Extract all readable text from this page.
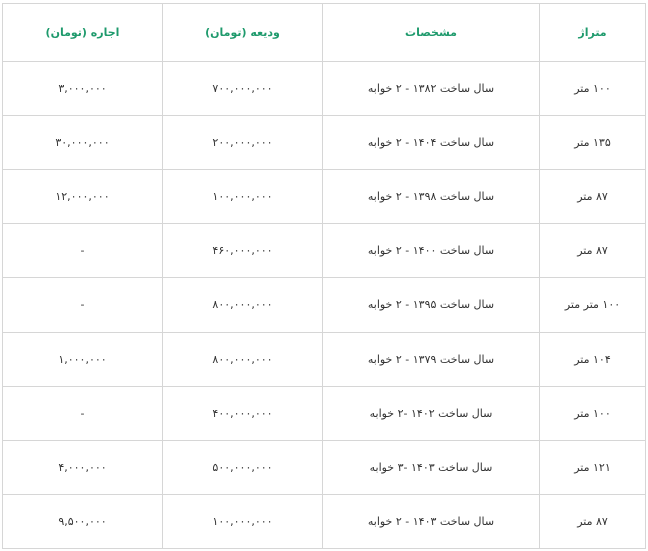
متراژ	مشخصات	ودیعه (تومان)	اجاره (تومان)
۱۰۰ متر	سال ساخت ۱۳۸۲ - ۲ خوابه	۷۰۰,۰۰۰,۰۰۰	۳,۰۰۰,۰۰۰
۱۳۵ متر	سال ساخت ۱۴۰۴ - ۲ خوابه	۲۰۰,۰۰۰,۰۰۰	۳۰,۰۰۰,۰۰۰
۸۷ متر	سال ساخت ۱۳۹۸ - ۲ خوابه	۱۰۰,۰۰۰,۰۰۰	۱۲,۰۰۰,۰۰۰
۸۷ متر	سال ساخت ۱۴۰۰ - ۲ خوابه	۴۶۰,۰۰۰,۰۰۰	-
۱۰۰ متر متر	سال ساخت ۱۳۹۵ - ۲ خوابه	۸۰۰,۰۰۰,۰۰۰	-
۱۰۴ متر	سال ساخت ۱۳۷۹ - ۲ خوابه	۸۰۰,۰۰۰,۰۰۰	۱,۰۰۰,۰۰۰
۱۰۰ متر	سال ساخت ۱۴۰۲ -۲ خوابه	۴۰۰,۰۰۰,۰۰۰	-
۱۲۱ متر	سال ساخت ۱۴۰۳ -۳ خوابه	۵۰۰,۰۰۰,۰۰۰	۴,۰۰۰,۰۰۰
۸۷ متر	سال ساخت ۱۴۰۳ - ۲ خوابه	۱۰۰,۰۰۰,۰۰۰	۹,۵۰۰,۰۰۰
